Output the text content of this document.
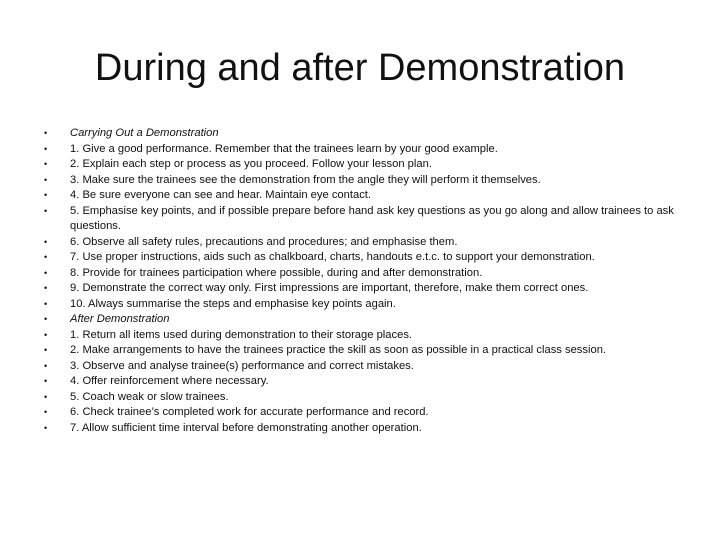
During and after Demonstration
• Carrying Out a Demonstration
• 1. Give a good performance. Remember that the trainees learn by your good example.
• 2. Explain each step or process as you proceed. Follow your lesson plan.
• 3. Make sure the trainees see the demonstration from the angle they will perform it themselves.
• 4. Be sure everyone can see and hear. Maintain eye contact.
• 5. Emphasise key points, and if possible prepare before hand ask key questions as you go along and allow trainees to ask questions.
• 6. Observe all safety rules, precautions and procedures; and emphasise them.
• 7. Use proper instructions, aids such as chalkboard, charts, handouts e.t.c. to support your demonstration.
• 8. Provide for trainees participation where possible, during and after demonstration.
• 9. Demonstrate the correct way only. First impressions are important, therefore, make them correct ones.
• 10. Always summarise the steps and emphasise key points again.
• After Demonstration
• 1. Return all items used during demonstration to their storage places.
• 2. Make arrangements to have the trainees practice the skill as soon as possible in a practical class session.
• 3. Observe and analyse trainee(s) performance and correct mistakes.
• 4. Offer reinforcement where necessary.
• 5. Coach weak or slow trainees.
• 6. Check trainee’s completed work for accurate performance and record.
• 7. Allow sufficient time interval before demonstrating another operation.
